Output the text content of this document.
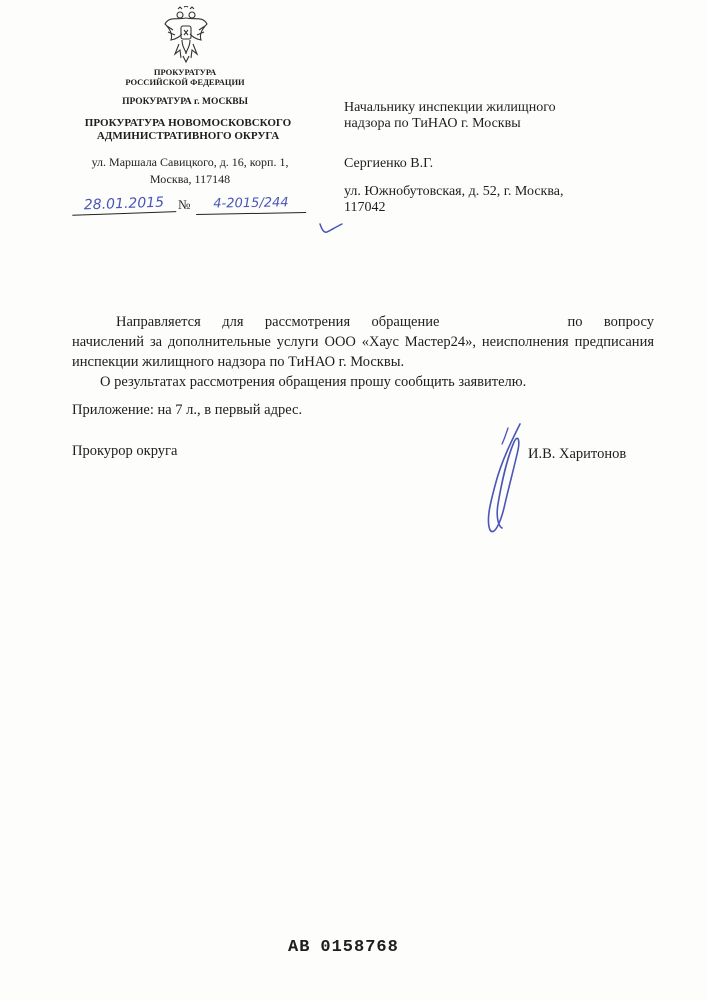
ПРОКУРАТУРА
РОССИЙСКОЙ ФЕДЕРАЦИИ
ПРОКУРАТУРА г. МОСКВЫ
ПРОКУРАТУРА НОВОМОСКОВСКОГО
АДМИНИСТРАТИВНОГО ОКРУГА
ул. Маршала Савицкого, д. 16, корп. 1,
Москва, 117148
28.01.2015	№	4-2015/244

Начальнику инспекции жилищного
надзора по ТиНАО г. Москвы

Сергиенко В.Г.

ул. Южнобутовская, д. 52, г. Москва,
117042

Направляется для рассмотрения обращение	по вопросу начислений за дополнительные услуги ООО «Хаус Мастер24», неисполнения предписания инспекции жилищного надзора по ТиНАО г. Москвы.

О результатах рассмотрения обращения прошу сообщить заявителю.

Приложение: на 7 л., в первый адрес.
Прокурор округа	И.В. Харитонов
АВ 0158768
